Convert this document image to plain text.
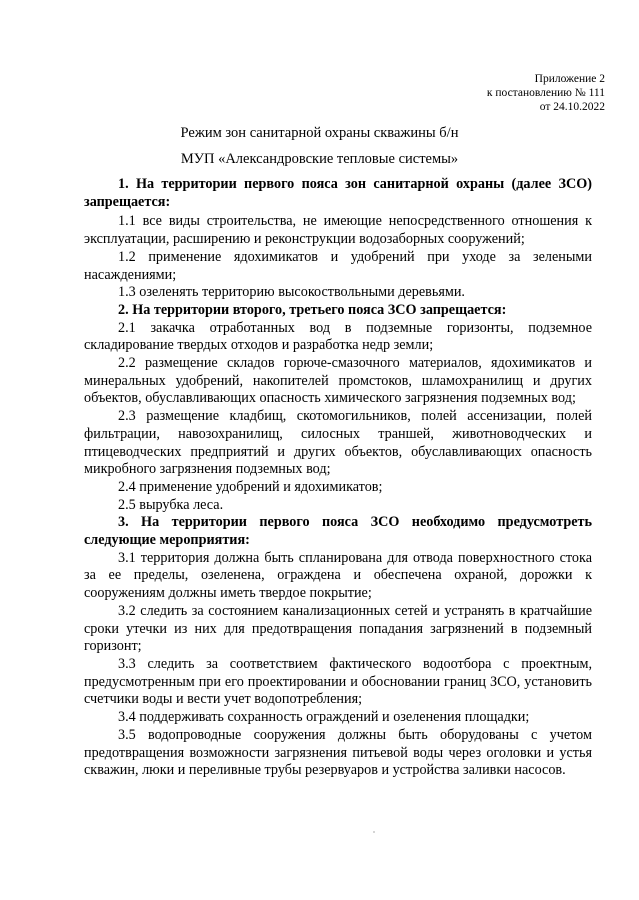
Приложение 2
к постановлению № 111
от 24.10.2022
Режим зон санитарной охраны скважины б/н
МУП «Александровские тепловые системы»

1. На территории первого пояса зон санитарной охраны (далее ЗСО) запрещается:

1.1 все виды строительства, не имеющие непосредственного отношения к эксплуатации, расширению и реконструкции водозаборных сооружений;

1.2 применение ядохимикатов и удобрений при уходе за зелеными насаждениями;

1.3 озеленять территорию высокоствольными деревьями.

2. На территории второго, третьего пояса ЗСО запрещается:

2.1 закачка отработанных вод в подземные горизонты, подземное складирование твердых отходов и разработка недр земли;

2.2 размещение складов горюче-смазочного материалов, ядохимикатов и минеральных удобрений, накопителей промстоков, шламохранилищ и других объектов, обуславливающих опасность химического загрязнения подземных вод;

2.3 размещение кладбищ, скотомогильников, полей ассенизации, полей фильтрации, навозохранилищ, силосных траншей, животноводческих и птицеводческих предприятий и других объектов, обуславливающих опасность микробного загрязнения подземных вод;

2.4 применение удобрений и ядохимикатов;

2.5 вырубка леса.

3. На территории первого пояса ЗСО необходимо предусмотреть следующие мероприятия:

3.1 территория должна быть спланирована для отвода поверхностного стока за ее пределы, озеленена, ограждена и обеспечена охраной, дорожки к сооружениям должны иметь твердое покрытие;

3.2 следить за состоянием канализационных сетей и устранять в кратчайшие сроки утечки из них для предотвращения попадания загрязнений в подземный горизонт;

3.3 следить за соответствием фактического водоотбора с проектным, предусмотренным при его проектировании и обосновании границ ЗСО, установить счетчики воды и вести учет водопотребления;

3.4 поддерживать сохранность ограждений и озеленения площадки;

3.5 водопроводные сооружения должны быть оборудованы с учетом предотвращения возможности загрязнения питьевой воды через оголовки и устья скважин, люки и переливные трубы резервуаров и устройства заливки насосов.
